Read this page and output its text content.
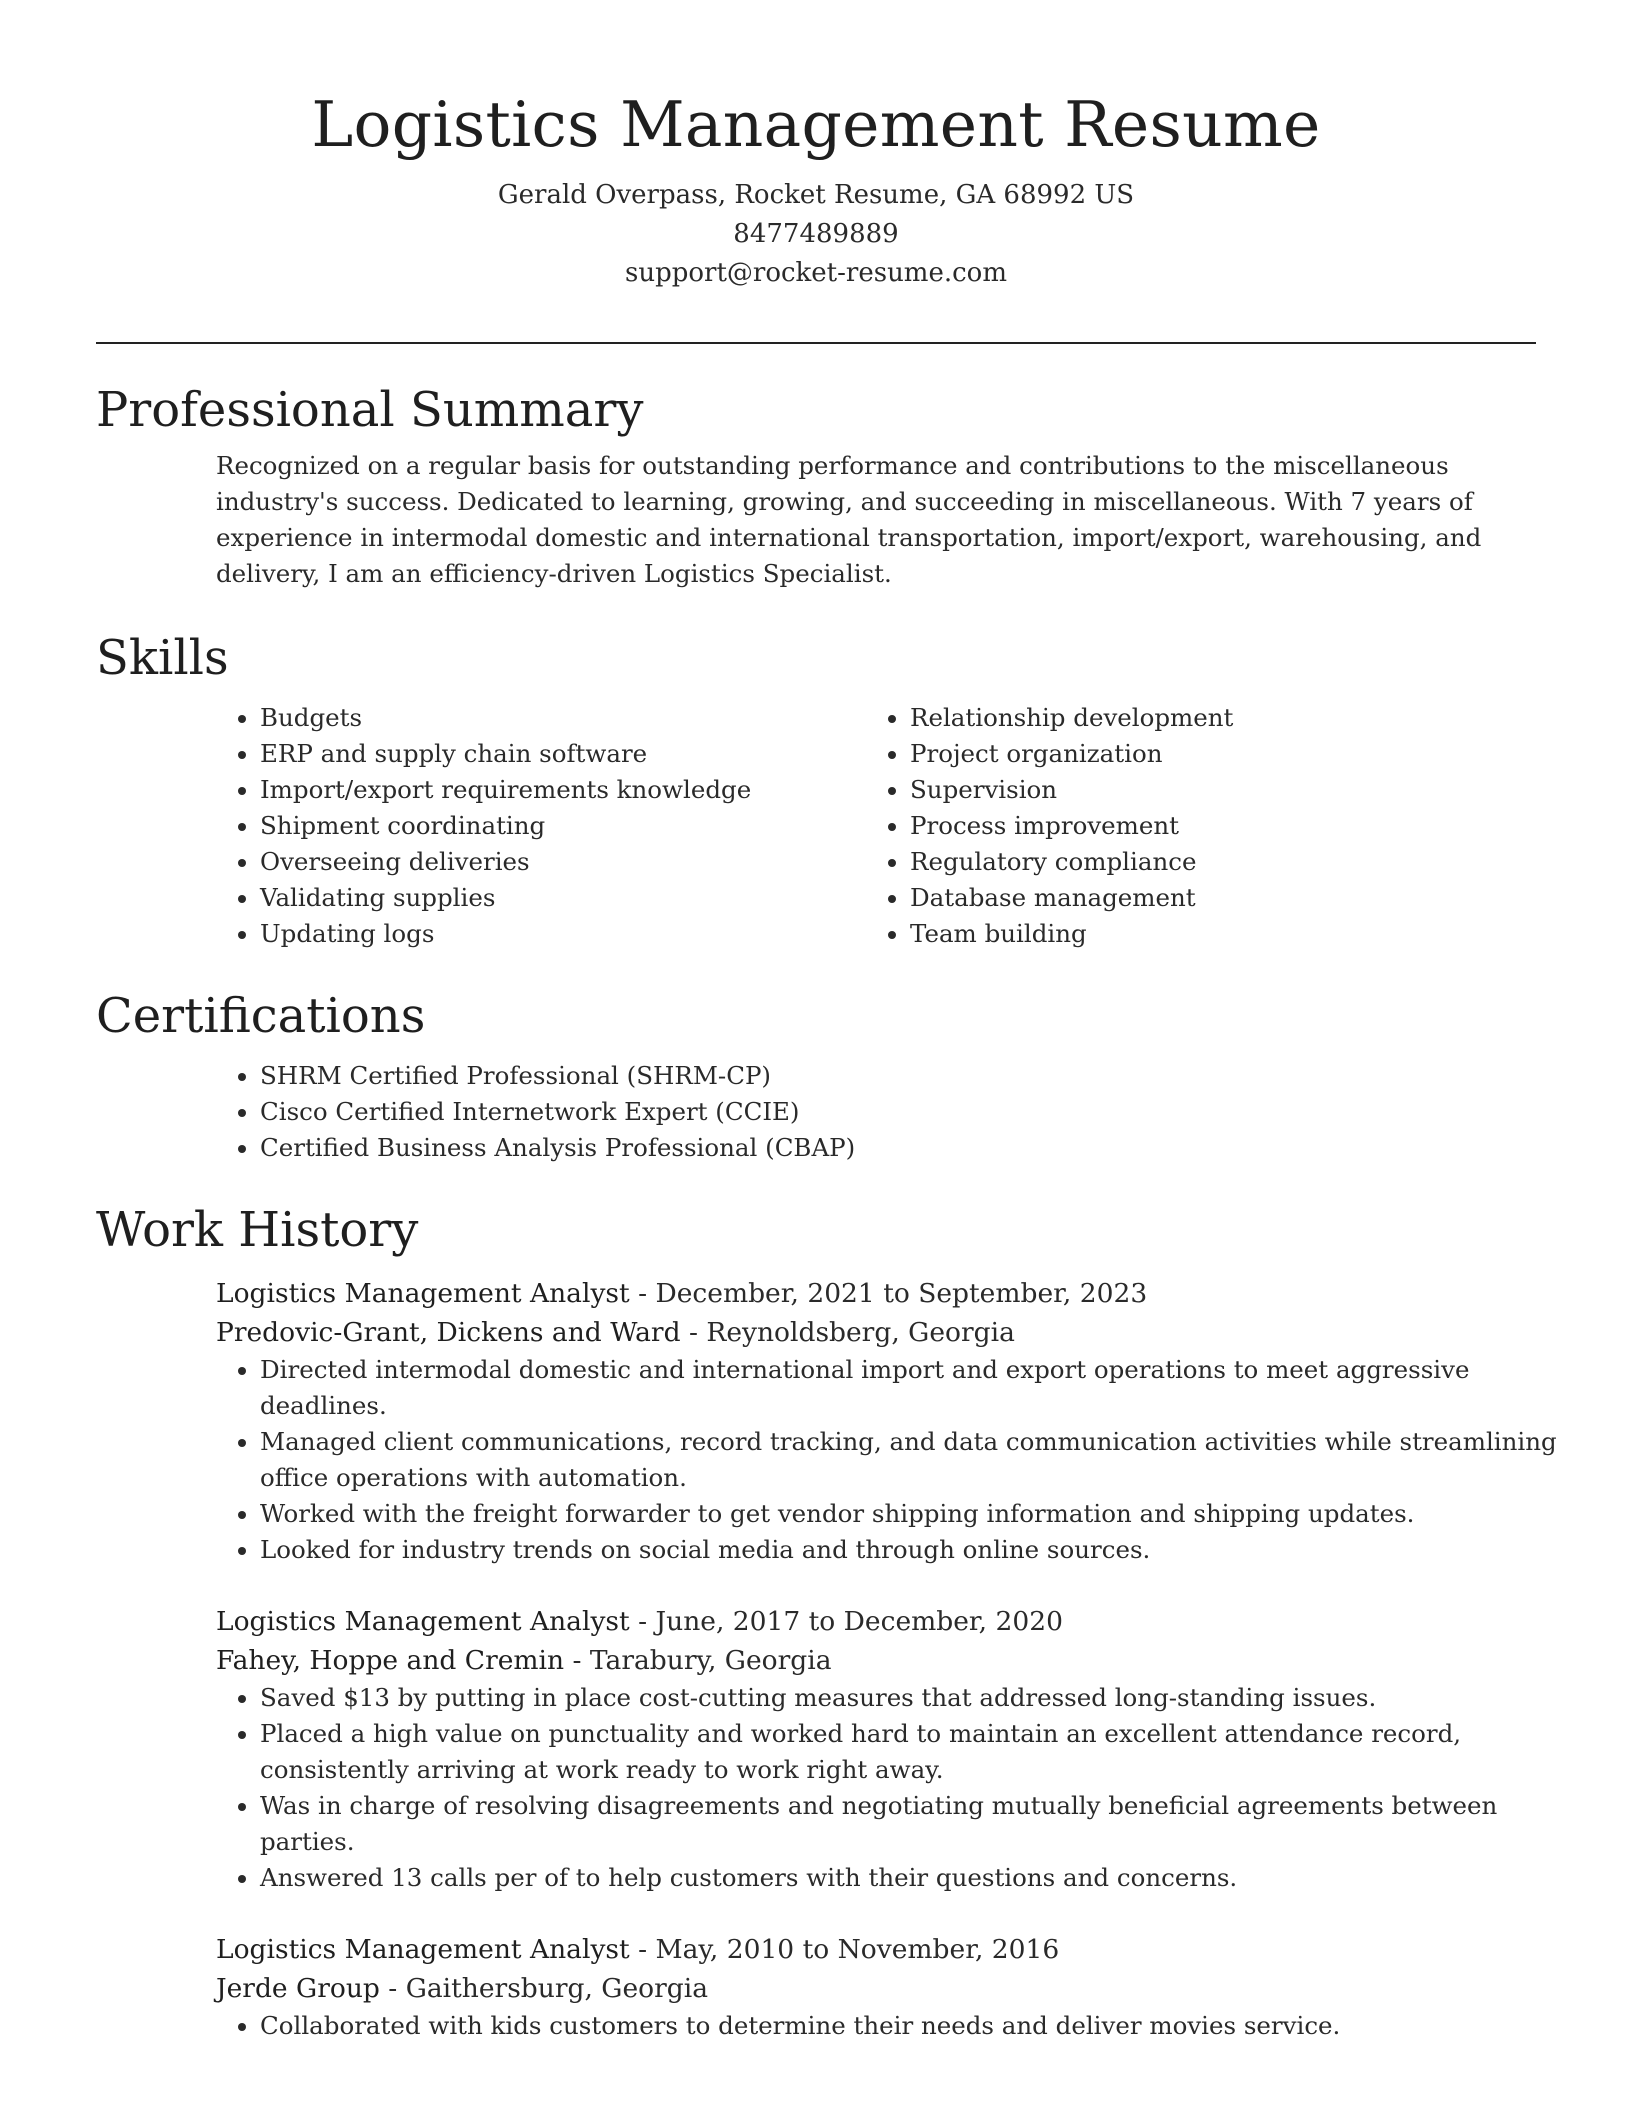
Logistics Management Resume
Gerald Overpass, Rocket Resume, GA 68992 US
8477489889
support@rocket-resume.com
Professional Summary

Recognized on a regular basis for outstanding performance and contributions to the miscellaneous industry's success. Dedicated to learning, growing, and succeeding in miscellaneous. With 7 years of experience in intermodal domestic and international transportation, import/export, warehousing, and delivery, I am an efficiency-driven Logistics Specialist.

Skills
• Budgets
• ERP and supply chain software
• Import/export requirements knowledge
• Shipment coordinating
• Overseeing deliveries
• Validating supplies
• Updating logs
• Relationship development
• Project organization
• Supervision
• Process improvement
• Regulatory compliance
• Database management
• Team building
Certifications
• SHRM Certified Professional (SHRM-CP)
• Cisco Certified Internetwork Expert (CCIE)
• Certified Business Analysis Professional (CBAP)
Work History
Logistics Management Analyst - December, 2021 to September, 2023
Predovic-Grant, Dickens and Ward - Reynoldsberg, Georgia
• Directed intermodal domestic and international import and export operations to meet aggressive deadlines.
• Managed client communications, record tracking, and data communication activities while streamlining office operations with automation.
• Worked with the freight forwarder to get vendor shipping information and shipping updates.
• Looked for industry trends on social media and through online sources.
Logistics Management Analyst - June, 2017 to December, 2020
Fahey, Hoppe and Cremin - Tarabury, Georgia
• Saved $13 by putting in place cost-cutting measures that addressed long-standing issues.
• Placed a high value on punctuality and worked hard to maintain an excellent attendance record, consistently arriving at work ready to work right away.
• Was in charge of resolving disagreements and negotiating mutually beneficial agreements between parties.
• Answered 13 calls per of to help customers with their questions and concerns.
Logistics Management Analyst - May, 2010 to November, 2016
Jerde Group - Gaithersburg, Georgia
• Collaborated with kids customers to determine their needs and deliver movies service.
